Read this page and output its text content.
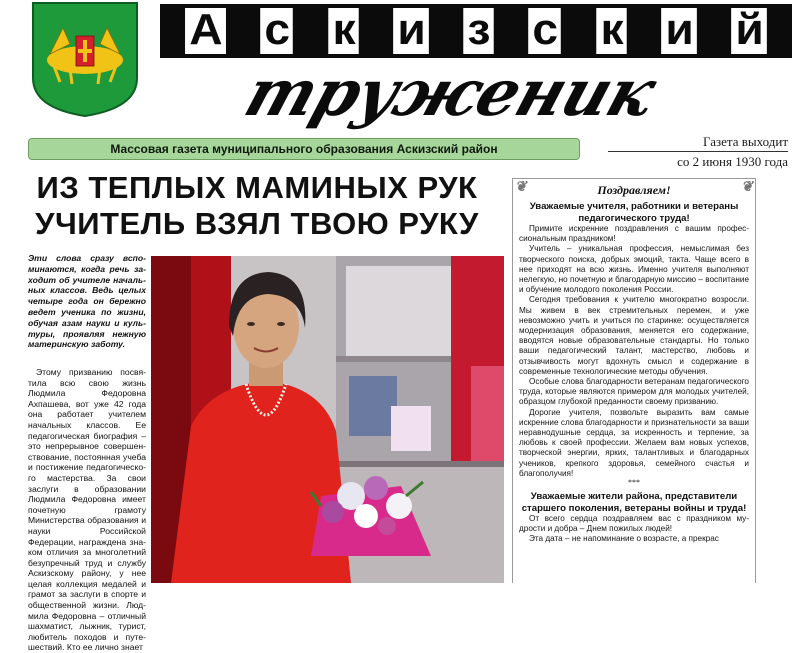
А с к и з с к и й
труженик
Массовая газета муниципального образования Аскизский район	Газета выходит
со 2 июня 1930 года
ИЗ ТЕПЛЫХ МАМИНЫХ РУК
УЧИТЕЛЬ ВЗЯЛ ТВОЮ РУКУ

Эти слова сразу вспоминаются, когда речь заходит об учителе начальных классов. Ведь целых четыре года он бережно ведет ученика по жизни, обучая азам науки и культуры, проявляя нежную материнскую заботу.

Этому призванию посвятила всю свою жизнь Людмила Федоровна Ахпашева, вот уже 42 года она работает учителем начальных классов. Ее педагогическая биография – это непрерывное совершенствование, постоянная учеба и постижение педагогического мастерства. За свои заслуги в образовании Людмила Федоровна имеет почетную грамоту Министерства образования и науки Российской Федерации, награждена знаком отличия за многолетний безупречный труд и службу Аскизскому району, у нее целая коллекция медалей и грамот за заслуги в спорте и общественной жизни. Людмила Федоровна – отличный шахматист, лыжник, турист, любитель походов и путешествий. Кто ее лично знает

❦	Поздравляем!	❦
Уважаемые учителя, работники и ветераны педагогического труда!

Примите искренние поздравления с вашим профессиональным праздником!

Учитель – уникальная профессия, немыслимая без творческого поиска, добрых эмоций, такта. Чаще всего в нее приходят на всю жизнь. Именно учителя выполняют нелегкую, но почетную и благодарную миссию – воспитание и обучение молодого поколения России.

Сегодня требования к учителю многократно возросли. Мы живем в век стремительных перемен, и уже невозможно учить и учиться по старинке: осуществляется модернизация образования, меняется его содержание, вводятся новые образовательные стандарты. Но только ваши педагогический талант, мастерство, любовь и отзывчивость могут вдохнуть смысл и содержание в современные технологические методы обучения.

Особые слова благодарности ветеранам педагогического труда, которые являются примером для молодых учителей, образцом глубокой преданности своему призванию.

Дорогие учителя, позвольте выразить вам самые искренние слова благодарности и признательности за ваши неравнодушные сердца, за искренность и терпение, за любовь к своей профессии. Желаем вам новых успехов, творческой энергии, ярких, талантливых и благодарных учеников, крепкого здоровья, семейного счастья и благополучия!

***
Уважаемые жители района, представители старшего поколения, ветераны войны и труда!

От всего сердца поздравляем вас с праздником мудрости и добра – Днем пожилых людей!

Эта дата – не напоминание о возрасте, а прекрас
